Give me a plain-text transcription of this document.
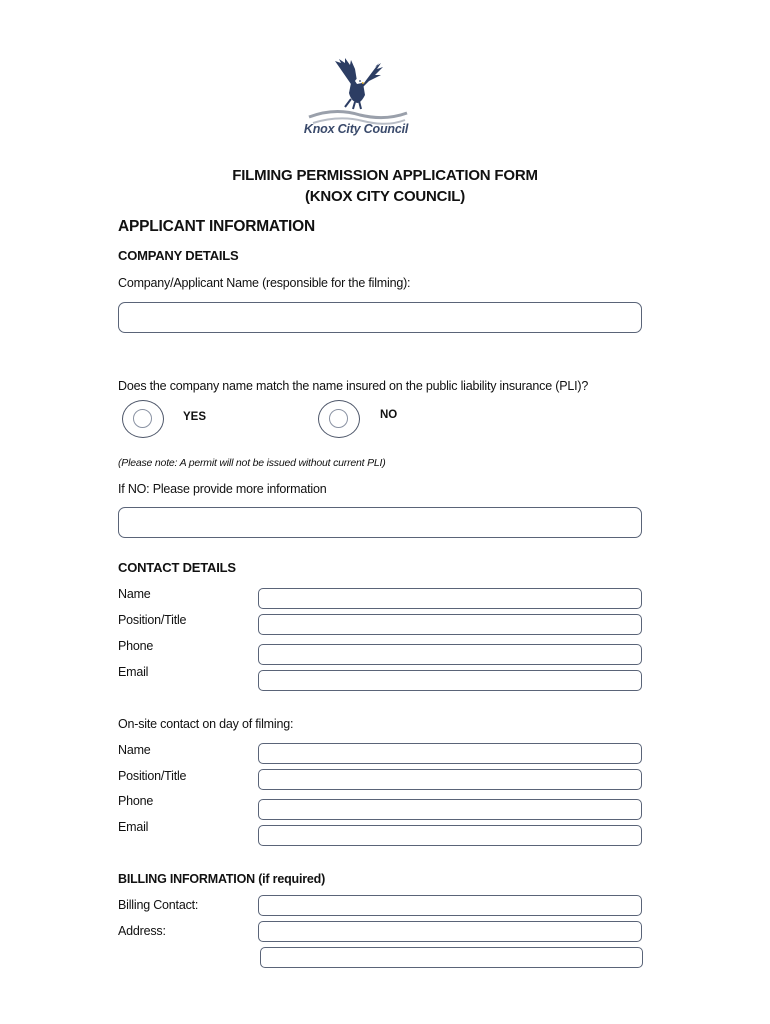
Knox City Council
FILMING PERMISSION APPLICATION FORM
(KNOX CITY COUNCIL)
APPLICANT INFORMATION
COMPANY DETAILS
Company/Applicant Name (responsible for the filming):
Does the company name match the name insured on the public liability insurance (PLI)?
YES	NO
(Please note: A permit will not be issued without current PLI)
If NO: Please provide more information
CONTACT DETAILS
Name
Position/Title
Phone
Email
On-site contact on day of filming:
Name
Position/Title
Phone
Email
BILLING INFORMATION (if required)
Billing Contact:
Address:
